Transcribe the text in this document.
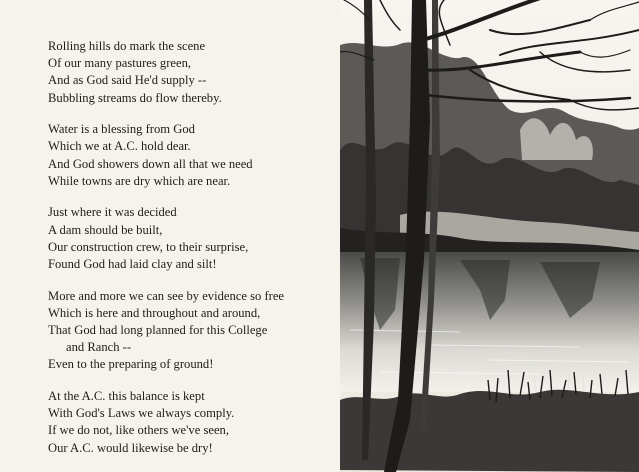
Rolling hills do mark the scene
Of our many pastures green,
And as God said He'd supply --
Bubbling streams do flow thereby.
Water is a blessing from God
Which we at A.C. hold dear.
And God showers down all that we need
While towns are dry which are near.
Just where it was decided
A dam should be built,
Our construction crew, to their surprise,
Found God had laid clay and silt!
More and more we can see by evidence so free
Which is here and throughout and around,
That God had long planned for this College
and Ranch --
Even to the preparing of ground!
At the A.C. this balance is kept
With God's Laws we always comply.
If we do not, like others we've seen,
Our A.C. would likewise be dry!
